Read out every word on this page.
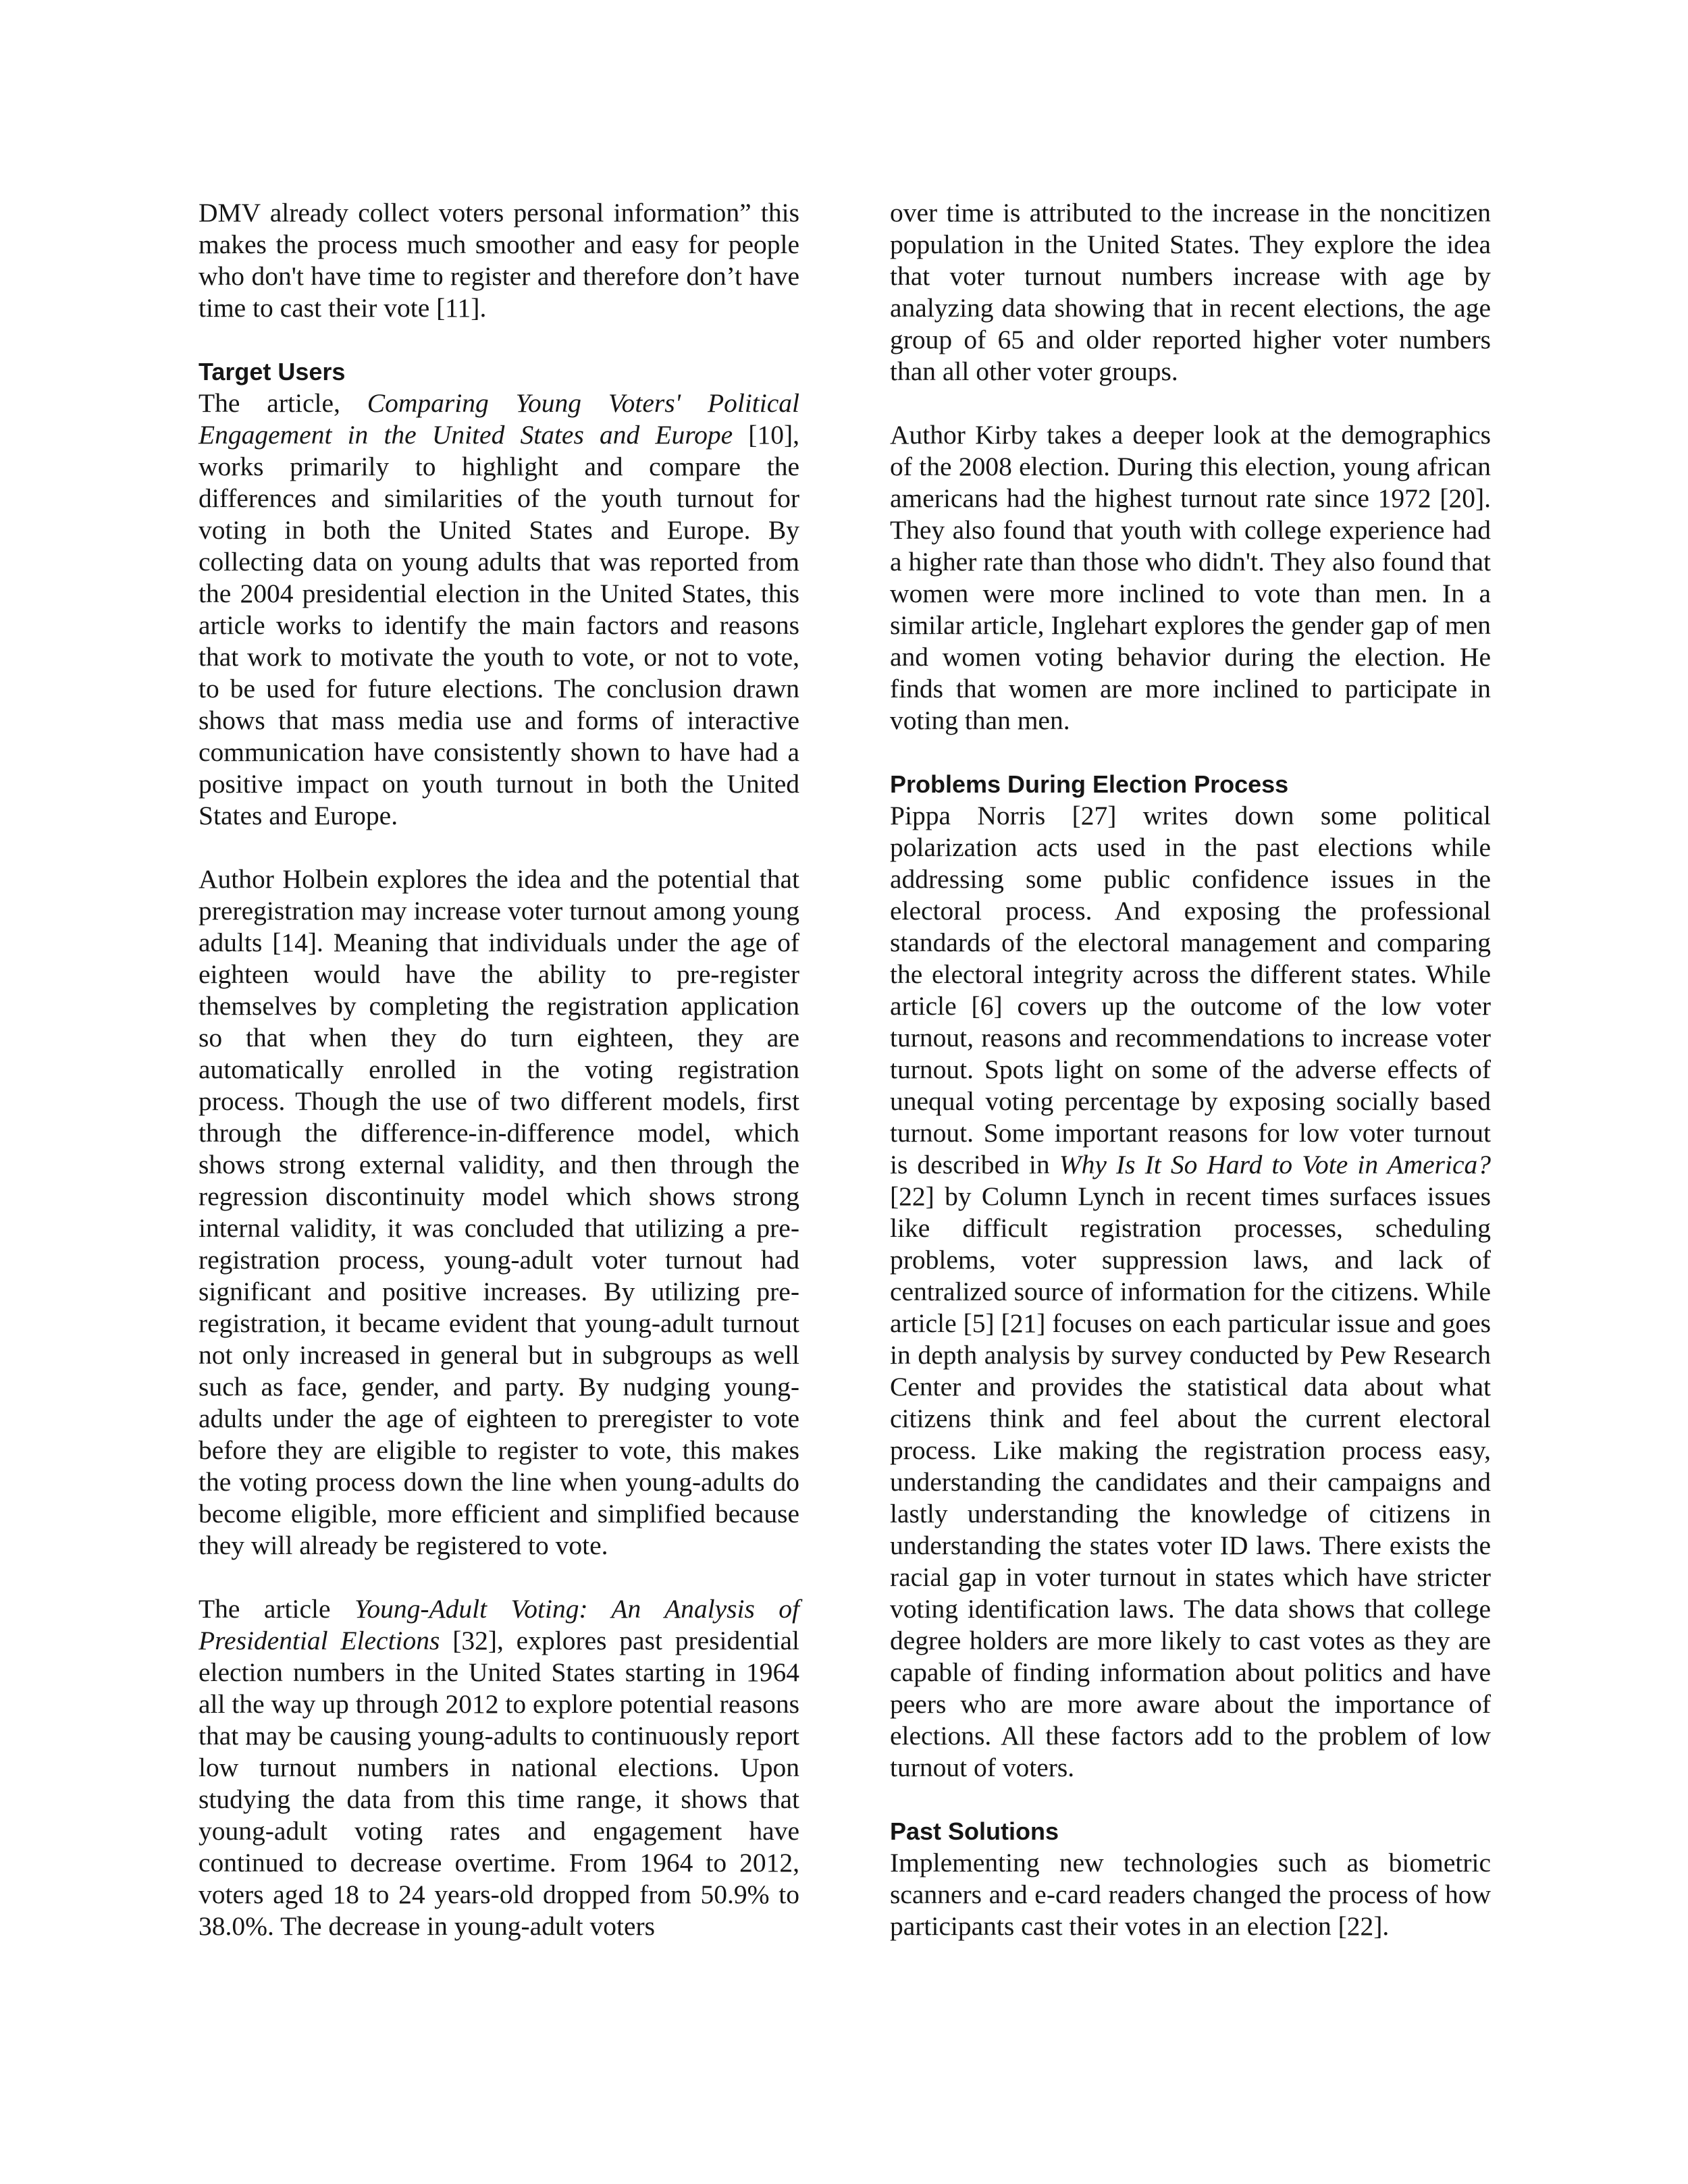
DMV already collect voters personal information” this makes the process much smoother and easy for people who don't have time to register and therefore don’t have time to cast their vote [11].

Target Users

The article, Comparing Young Voters' Political Engagement in the United States and Europe [10], works primarily to highlight and compare the differences and similarities of the youth turnout for voting in both the United States and Europe. By collecting data on young adults that was reported from the 2004 presidential election in the United States, this article works to identify the main factors and reasons that work to motivate the youth to vote, or not to vote, to be used for future elections. The conclusion drawn shows that mass media use and forms of interactive communication have consistently shown to have had a positive impact on youth turnout in both the United States and Europe.

Author Holbein explores the idea and the potential that preregistration may increase voter turnout among young adults [14]. Meaning that individuals under the age of eighteen would have the ability to pre-register themselves by completing the registration application so that when they do turn eighteen, they are automatically enrolled in the voting registration process. Though the use of two different models, first through the difference-in-difference model, which shows strong external validity, and then through the regression discontinuity model which shows strong internal validity, it was concluded that utilizing a pre-registration process, young-adult voter turnout had significant and positive increases. By utilizing pre-registration, it became evident that young-adult turnout not only increased in general but in subgroups as well such as face, gender, and party. By nudging young-adults under the age of eighteen to preregister to vote before they are eligible to register to vote, this makes the voting process down the line when young-adults do become eligible, more efficient and simplified because they will already be registered to vote.

The article Young-Adult Voting: An Analysis of Presidential Elections [32], explores past presidential election numbers in the United States starting in 1964 all the way up through 2012 to explore potential reasons that may be causing young-adults to continuously report low turnout numbers in national elections. Upon studying the data from this time range, it shows that young-adult voting rates and engagement have continued to decrease overtime. From 1964 to 2012, voters aged 18 to 24 years-old dropped from 50.9% to 38.0%. The decrease in young-adult voters

over time is attributed to the increase in the noncitizen population in the United States. They explore the idea that voter turnout numbers increase with age by analyzing data showing that in recent elections, the age group of 65 and older reported higher voter numbers than all other voter groups.

Author Kirby takes a deeper look at the demographics of the 2008 election. During this election, young african americans had the highest turnout rate since 1972 [20]. They also found that youth with college experience had a higher rate than those who didn't. They also found that women were more inclined to vote than men. In a similar article, Inglehart explores the gender gap of men and women voting behavior during the election. He finds that women are more inclined to participate in voting than men.

Problems During Election Process

Pippa Norris [27] writes down some political polarization acts used in the past elections while addressing some public confidence issues in the electoral process. And exposing the professional standards of the electoral management and comparing the electoral integrity across the different states. While article [6] covers up the outcome of the low voter turnout, reasons and recommendations to increase voter turnout. Spots light on some of the adverse effects of unequal voting percentage by exposing socially based turnout. Some important reasons for low voter turnout is described in Why Is It So Hard to Vote in America? [22] by Column Lynch in recent times surfaces issues like difficult registration processes, scheduling problems, voter suppression laws, and lack of centralized source of information for the citizens. While article [5] [21] focuses on each particular issue and goes in depth analysis by survey conducted by Pew Research Center and provides the statistical data about what citizens think and feel about the current electoral process. Like making the registration process easy, understanding the candidates and their campaigns and lastly understanding the knowledge of citizens in understanding the states voter ID laws. There exists the racial gap in voter turnout in states which have stricter voting identification laws. The data shows that college degree holders are more likely to cast votes as they are capable of finding information about politics and have peers who are more aware about the importance of elections. All these factors add to the problem of low turnout of voters.

Past Solutions

Implementing new technologies such as biometric scanners and e-card readers changed the process of how participants cast their votes in an election [22].
